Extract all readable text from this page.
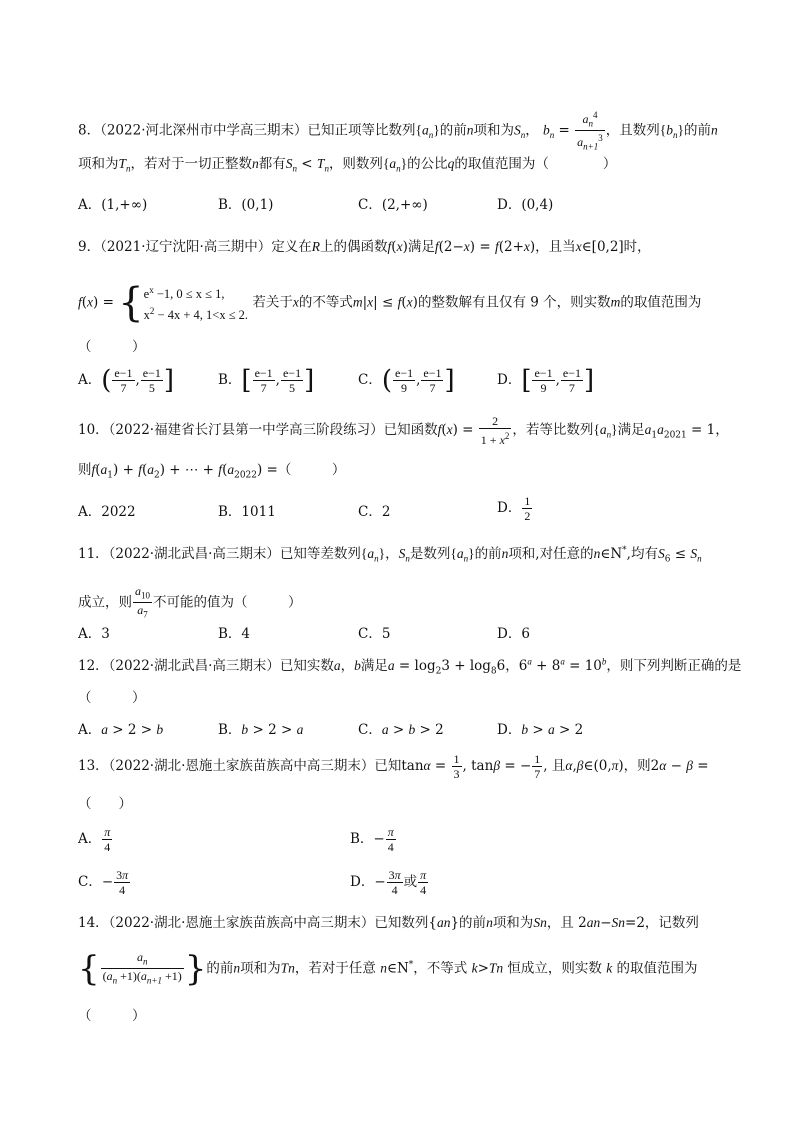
8．（2022·河北深州市中学高三期末）已知正项等比数列$\{a_n\}$的前n项和为$S_n$， $b_n = \frac{a_n^4}{a_{n+1}^3}$ ，且数列$\{b_n\}$的前n
项和为$T_n$，若对于一切正整数n都有$S_n < T_n$，则数列$\{a_n\}$的公比q的取值范围为（　　　　）
A．(1,+∞)	B．(0,1)	C．(2,+∞)	D．(0,4)
9．（2021·辽宁沈阳·高三期中）定义在R上的偶函数f(x)满足f(2−x) = f(2+x)，且当x∈[0,2]时，
$f(x) = \{e^x -1$, 0 ≤ x ≤ 1,
$x^2 - 4x + 4$, 1<x ≤ 2. 若关于x的不等式m|x| ≤ f(x)的整数解有且仅有 9 个，则实数m的取值范围为
（　　　）
A．( $\frac{e-1}{7}$ , $\frac{e-1}{5}$ ]	B．[ $\frac{e-1}{7}$ , $\frac{e-1}{5}$ ]	C．( $\frac{e-1}{9}$ , $\frac{e-1}{7}$ ]	D．[ $\frac{e-1}{9}$ , $\frac{e-1}{7}$ ]
10．（2022·福建省长汀县第一中学高三阶段练习）已知函数$f(x) = \frac{2}{1 + x^2}$ ，若等比数列$\{a_n\}$满足$a_1a_{2021} = 1$，
则$f(a_1) + f(a_2)$ + ⋯ + $f(a_{2022})$ =（　　　）
A．2022	B．1011	C．2	D． $\frac{1}{2}$
11．（2022·湖北武昌·高三期末）已知等差数列$\{a_n\}$，$S_n$是数列$\{a_n\}$的前n项和,对任意的n∈N*,均有$S_6 \le S_n$
成立，则 $\frac{a_{10}}{a_7}$ 不可能的值为（　　　）
A．3	B．4	C．5	D．6
12．（2022·湖北武昌·高三期末）已知实数a，b满足$a = \log_23 + \log_86$，$6^a + 8^a = 10^b$，则下列判断正确的是
（　　　）
A．a > 2 > b	B．b > 2 > a	C．a > b > 2	D．b > a > 2
13．（2022·湖北·恩施土家族苗族高中高三期末）已知$\tan\alpha = \frac{1}{3}$ , tanβ = − $\frac{1}{7}$ , 且α,β∈(0,π)，则2α − β =
（　　）
A． $\frac{\pi}{4}$	B．− $\frac{\pi}{4}$
C．− $\frac{3\pi}{4}$	D．− $\frac{3\pi}{4}$ 或 $\frac{\pi}{4}$
14．（2022·湖北·恩施土家族苗族高中高三期末）已知数列{an}的前n项和为Sn，且 2an−Sn=2，记数列
{ $\frac{a_n}{(a_n +1)(a_{n+1} +1)}$ }的前n项和为Tn，若对于任意 n∈N*，不等式 k>Tn 恒成立，则实数 k 的取值范围为
（　　　）
